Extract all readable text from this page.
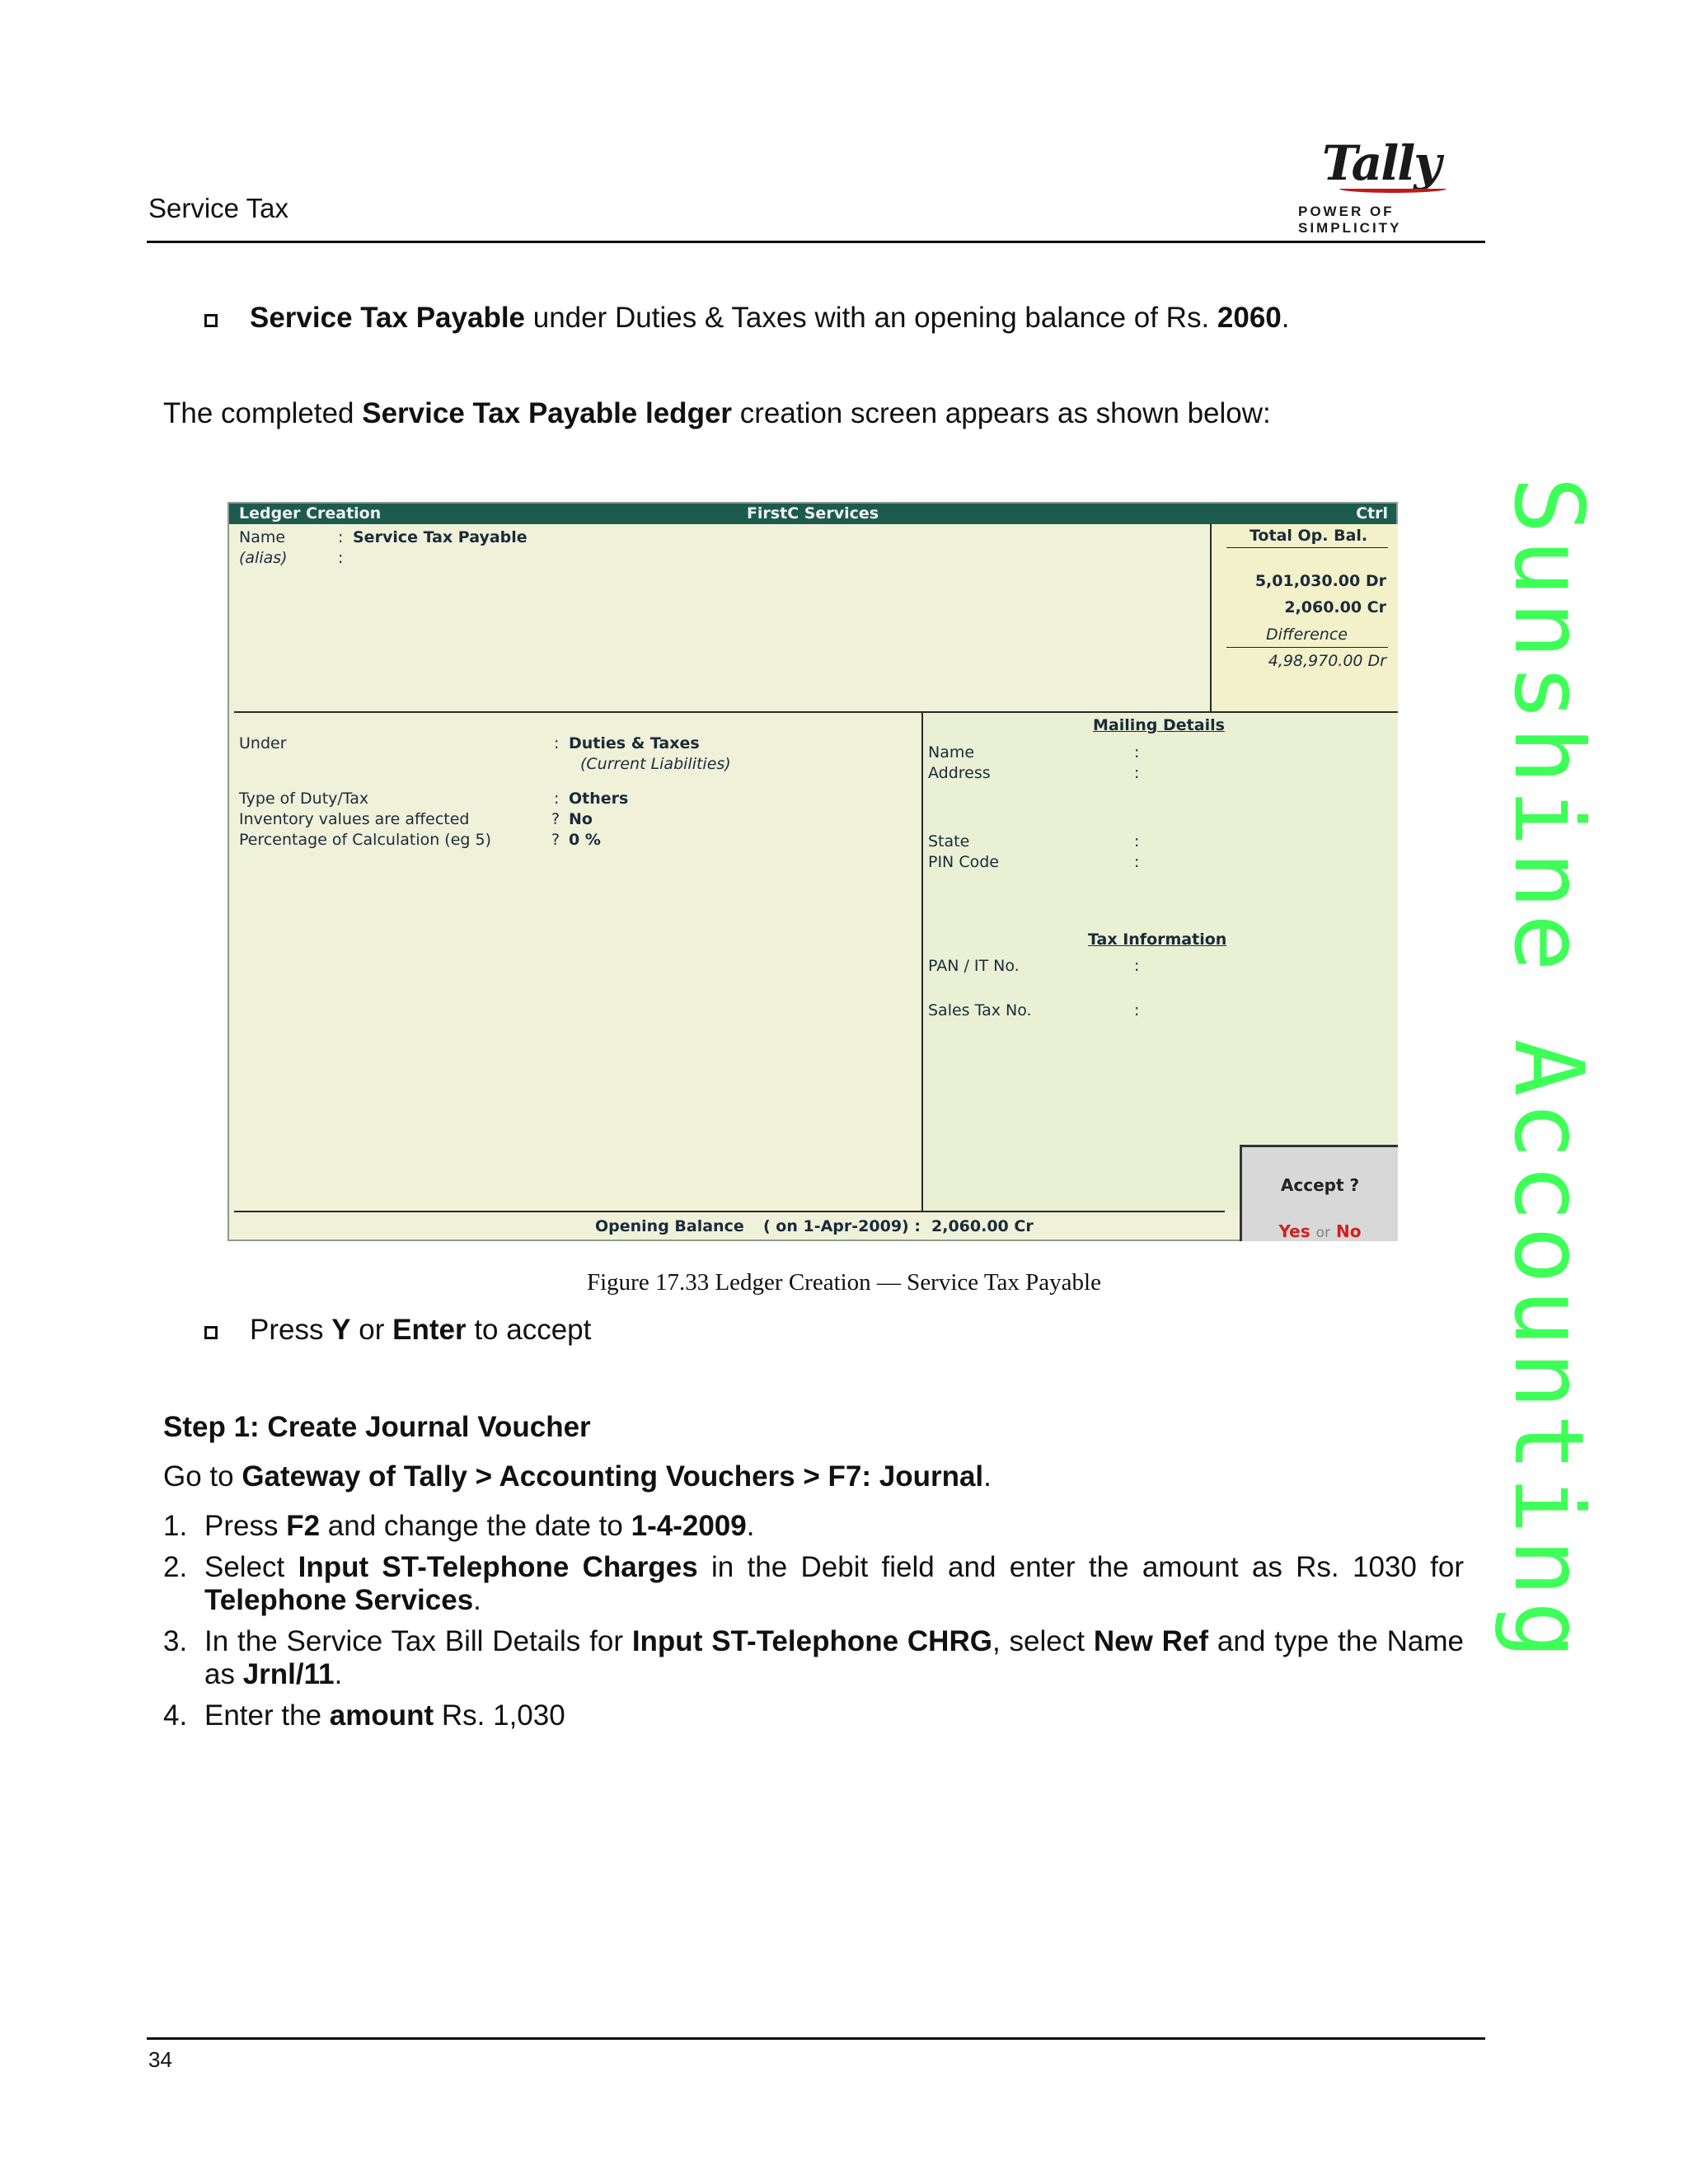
Service Tax
Tally
POWER OF SIMPLICITY
Sunshine Accounting
Service Tax Payable under Duties & Taxes with an opening balance of Rs. 2060.
The completed Service Tax Payable ledger creation screen appears as shown below:
Ledger Creation	FirstC Services	Ctrl
Name	: Service Tax Payable
(alias)	:
Total Op. Bal.
5,01,030.00 Dr
2,060.00 Cr
Difference
4,98,970.00 Dr
Under	: Duties & Taxes
(Current Liabilities)
Type of Duty/Tax	: Others
Inventory values are affected	? No
Percentage of Calculation (eg 5)	? 0 %
Mailing Details
Name	:
Address	:
State	:
PIN Code	:
Tax Information
PAN / IT No.	:
Sales Tax No.	:
Opening Balance ( on 1-Apr-2009) : 2,060.00 Cr
Accept ?
Yes or No
Figure 17.33 Ledger Creation — Service Tax Payable
Press Y or Enter to accept
Step 1: Create Journal Voucher
Go to Gateway of Tally > Accounting Vouchers > F7: Journal.
1. Press F2 and change the date to 1-4-2009.
2. Select Input ST-Telephone Charges in the Debit field and enter the amount as Rs. 1030 for Telephone Services.
3. In the Service Tax Bill Details for Input ST-Telephone CHRG, select New Ref and type the Name as Jrnl/11.
4. Enter the amount Rs. 1,030
34
